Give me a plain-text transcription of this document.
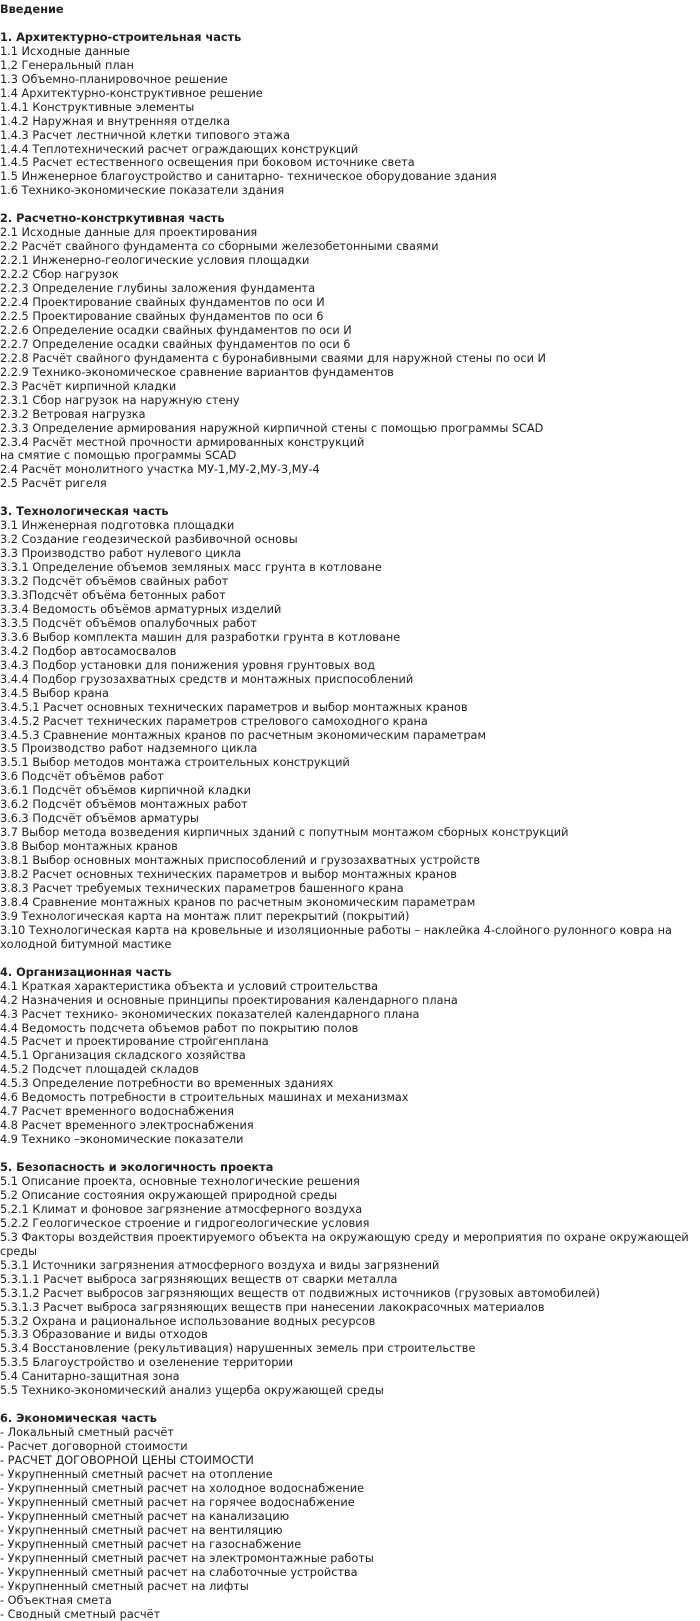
Введение
1. Архитектурно-строительная часть
1.1 Исходные данные
1.2 Генеральный план
1.3 Объемно-планировочное решение
1.4 Архитектурно-конструктивное решение
1.4.1 Конструктивные элементы
1.4.2 Наружная и внутренняя отделка
1.4.3 Расчет лестничной клетки типового этажа
1.4.4 Теплотехнический расчет ограждающих конструкций
1.4.5 Расчет естественного освещения при боковом источнике света
1.5 Инженерное благоустройство и санитарно- техническое оборудование здания
1.6 Технико-экономические показатели здания
2. Расчетно-констркутивная часть
2.1 Исходные данные для проектирования
2.2 Расчёт свайного фундамента со сборными железобетонными сваями
2.2.1 Инженерно-геологические условия площадки
2.2.2 Сбор нагрузок
2.2.3 Определение глубины заложения фундамента
2.2.4 Проектирование свайных фундаментов по оси И
2.2.5 Проектирование свайных фундаментов по оси 6
2.2.6 Определение осадки свайных фундаментов по оси И
2.2.7 Определение осадки свайных фундаментов по оси 6
2.2.8 Расчёт свайного фундамента с буронабивными сваями для наружной стены по оси И
2.2.9 Технико-экономическое сравнение вариантов фундаментов
2.3 Расчёт кирпичной кладки
2.3.1 Сбор нагрузок на наружную стену
2.3.2 Ветровая нагрузка
2.3.3 Определение армирования наружной кирпичной стены с помощью программы SCAD
2.3.4 Расчёт местной прочности армированных конструкций
на смятие с помощью программы SCAD
2.4 Расчёт монолитного участка МУ-1,МУ-2,МУ-3,МУ-4
2.5 Расчёт ригеля
3. Технологическая часть
3.1 Инженерная подготовка площадки
3.2 Создание геодезической разбивочной основы
3.3 Производство работ нулевого цикла
3.3.1 Определение объемов земляных масс грунта в котловане
3.3.2 Подсчёт объёмов свайных работ
3.3.3Подсчёт объёма бетонных работ
3.3.4 Ведомость объёмов арматурных изделий
3.3.5 Подсчёт объёмов опалубочных работ
3.3.6 Выбор комплекта машин для разработки грунта в котловане
3.4.2 Подбор автосамосвалов
3.4.3 Подбор установки для понижения уровня грунтовых вод
3.4.4 Подбор грузозахватных средств и монтажных приспособлений
3.4.5 Выбор крана
3.4.5.1 Расчет основных технических параметров и выбор монтажных кранов
3.4.5.2 Расчет технических параметров стрелового самоходного крана
3.4.5.3 Сравнение монтажных кранов по расчетным экономическим параметрам
3.5 Производство работ надземного цикла
3.5.1 Выбор методов монтажа строительных конструкций
3.6 Подсчёт объёмов работ
3.6.1 Подсчёт объёмов кирпичной кладки
3.6.2 Подсчёт объёмов монтажных работ
3.6.3 Подсчёт объёмов арматуры
3.7 Выбор метода возведения кирпичных зданий с попутным монтажом сборных конструкций
3.8 Выбор монтажных кранов
3.8.1 Выбор основных монтажных приспособлений и грузозахватных устройств
3.8.2 Расчет основных технических параметров и выбор монтажных кранов
3.8.3 Расчет требуемых технических параметров башенного крана
3.8.4 Сравнение монтажных кранов по расчетным экономическим параметрам
3.9 Технологическая карта на монтаж плит перекрытий (покрытий)
3.10 Технологическая карта на кровельные и изоляционные работы – наклейка 4-слойного рулонного ковра на холодной битумной мастике
4. Организационная часть
4.1 Краткая характеристика объекта и условий строительства
4.2 Назначения и основные принципы проектирования календарного плана
4.3 Расчет технико- экономических показателей календарного плана
4.4 Ведомость подсчета объемов работ по покрытию полов
4.5 Расчет и проектирование стройгенплана
4.5.1 Организация складского хозяйства
4.5.2 Подсчет площадей складов
4.5.3 Определение потребности во временных зданиях
4.6 Ведомость потребности в строительных машинах и механизмах
4.7 Расчет временного водоснабжения
4.8 Расчет временного электроснабжения
4.9 Технико –экономические показатели
5. Безопасность и экологичность проекта
5.1 Описание проекта, основные технологические решения
5.2 Описание состояния окружающей природной среды
5.2.1 Климат и фоновое загрязнение атмосферного воздуха
5.2.2 Геологическое строение и гидрогеологические условия
5.3 Факторы воздействия проектируемого объекта на окружающую среду и мероприятия по охране окружающей среды
5.3.1 Источники загрязнения атмосферного воздуха и виды загрязнений
5.3.1.1 Расчет выброса загрязняющих веществ от сварки металла
5.3.1.2 Расчет выбросов загрязняющих веществ от подвижных источников (грузовых автомобилей)
5.3.1.3 Расчет выброса загрязняющих веществ при нанесении лакокрасочных материалов
5.3.2 Охрана и рациональное использование водных ресурсов
5.3.3 Образование и виды отходов
5.3.4 Восстановление (рекультивация) нарушенных земель при строительстве
5.3.5 Благоустройство и озеленение территории
5.4 Санитарно-защитная зона
5.5 Технико-экономический анализ ущерба окружающей среды
6. Экономическая часть
- Локальный сметный расчёт
- Расчет договорной стоимости
- РАСЧЕТ ДОГОВОРНОЙ ЦЕНЫ СТОИМОСТИ
- Укрупненный сметный расчет на отопление
- Укрупненный сметный расчет на холодное водоснабжение
- Укрупненный сметный расчет на горячее водоснабжение
- Укрупненный сметный расчет на канализацию
- Укрупненный сметный расчет на вентиляцию
- Укрупненный сметный расчет на газоснабжение
- Укрупненный сметный расчет на электромонтажные работы
- Укрупненный сметный расчет на слаботочные устройства
- Укрупненный сметный расчет на лифты
- Объектная смета
- Сводный сметный расчёт
